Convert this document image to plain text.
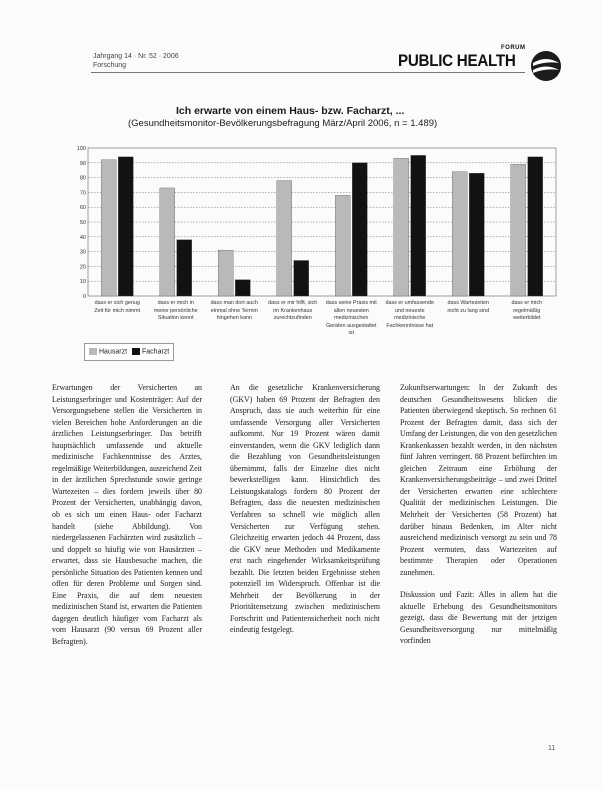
Jahrgang 14 · Nr. 52 · 2006
Forschung
FORUM
PUBLIC HEALTH
Ich erwarte von einem Haus- bzw. Facharzt, ...
(Gesundheitsmonitor-Bevölkerungsbefragung März/April 2006, n = 1.489)
0
10
20
30
40
50
60
70
80
90
100
dass er sich genug Zeit für mich nimmt
dass er mich in meine persönliche Situation kennt
dass man dort auch einmal ohne Termin hingehen kann
dass er mir hilft, sich im Krankenhaus zurechtzufinden
dass seine Praxis mit allen neuesten medizinischen Geräten ausgestattet ist
dass er umfassende und neueste medizinische Fachkenntnisse hat
dass Wartezeiten nicht zu lang sind
dass er mich regelmäßig weiterbildet
Hausarzt	Facharzt

Erwartungen der Versicherten an Leistungserbringer und Kostenträger: Auf der Versorgungsebene stellen die Versicherten in vielen Bereichen hohe Anforderungen an die ärztlichen Leistungserbringer. Das betrifft hauptsächlich umfassende und aktuelle medizinische Fachkenntnisse des Arztes, regelmäßige Weiterbildungen, ausreichend Zeit in der ärztlichen Sprechstunde sowie geringe Wartezeiten – dies fordern jeweils über 80 Prozent der Versicherten, unabhängig davon, ob es sich um einen Haus- oder Facharzt handelt (siehe Abbildung). Von niedergelassenen Fachärzten wird zusätzlich – und doppelt so häufig wie von Hausärzten – erwartet, dass sie Hausbesuche machen, die persönliche Situation des Patienten kennen und offen für deren Probleme und Sorgen sind. Eine Praxis, die auf dem neuesten medizinischen Stand ist, erwarten die Patienten dagegen deutlich häufiger vom Facharzt als vom Hausarzt (90 versus 69 Prozent aller Befragten).

An die gesetzliche Krankenversicherung (GKV) haben 69 Prozent der Befragten den Anspruch, dass sie auch weiterhin für eine umfassende Versorgung aller Versicherten aufkommt. Nur 19 Prozent wären damit einverstanden, wenn die GKV lediglich dann die Bezahlung von Gesundheitsleistungen übernimmt, falls der Einzelne dies nicht bewerkstelligen kann. Hinsichtlich des Leistungskatalogs fordern 80 Prozent der Befragten, dass die neuesten medizinischen Verfahren so schnell wie möglich allen Versicherten zur Verfügung stehen. Gleichzeitig erwarten jedoch 44 Prozent, dass die GKV neue Methoden und Medikamente erst nach eingehender Wirksamkeitsprüfung bezahlt. Die letzten beiden Ergebnisse stehen potenziell im Widerspruch. Offenbar ist die Mehrheit der Bevölkerung in der Prioritätensetzung zwischen medizinischem Fortschritt und Patientensicherheit noch nicht eindeutig festgelegt.

Zukunftserwartungen: In der Zukunft des deutschen Gesundheitswesens blicken die Patienten überwiegend skeptisch. So rechnen 61 Prozent der Befragten damit, dass sich der Umfang der Leistungen, die von den gesetzlichen Krankenkassen bezahlt werden, in den nächsten fünf Jahren verringert. 88 Prozent befürchten im gleichen Zeitraum eine Erhöhung der Krankenversicherungsbeiträge – und zwei Drittel der Versicherten erwarten eine schlechtere Qualität der medizinischen Leistungen. Die Mehrheit der Versicherten (58 Prozent) hat darüber hinaus Bedenken, im Alter nicht ausreichend medizinisch versorgt zu sein und 78 Prozent vermuten, dass Wartezeiten auf bestimmte Therapien oder Operationen zunehmen.

Diskussion und Fazit: Alles in allem hat die aktuelle Erhebung des Gesundheitsmonitors gezeigt, dass die Bewertung mit der jetzigen Gesundheitsversorgung nur mittelmäßig vorfinden

11
